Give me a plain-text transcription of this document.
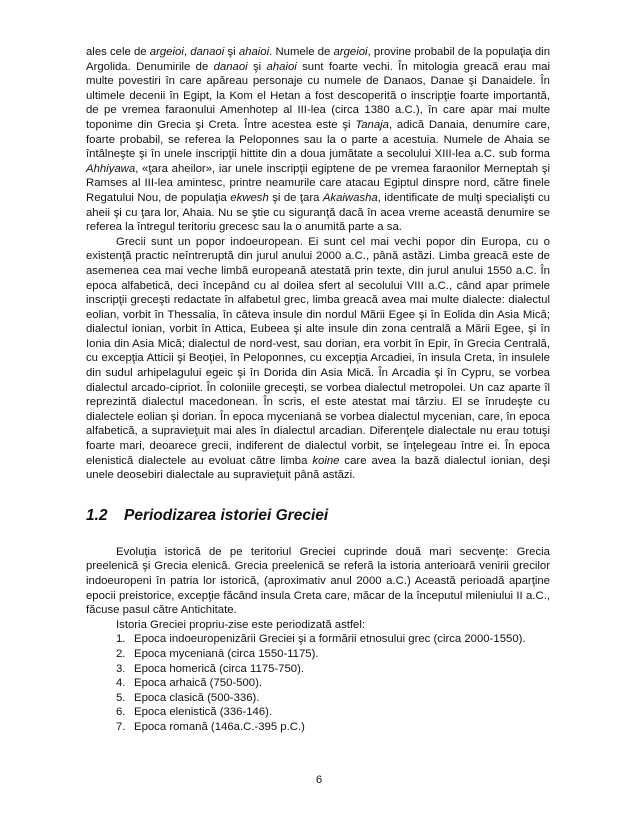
ales cele de argeioi, danaoi şi ahaioi. Numele de argeioi, provine probabil de la populaţia din Argolida. Denumirile de danaoi şi ahaioi sunt foarte vechi. În mitologia greacă erau mai multe povestiri în care apăreau personaje cu numele de Danaos, Danae şi Danaidele. În ultimele decenii în Egipt, la Kom el Hetan a fost descoperită o inscripţie foarte importantă, de pe vremea faraonului Amenhotep al III-lea (circa 1380 a.C.), în care apar mai multe toponime din Grecia şi Creta. Între acestea este şi Tanaja, adică Danaia, denumire care, foarte probabil, se referea la Peloponnes sau la o parte a acestuia. Numele de Ahaia se întâlneşte şi în unele inscripţii hittite din a doua jumătate a secolului XIII-lea a.C. sub forma Ahhiyawa, «ţara aheilor», iar unele inscripţii egiptene de pe vremea faraonilor Merneptah şi Ramses al III-lea amintesc, printre neamurile care atacau Egiptul dinspre nord, către finele Regatului Nou, de populaţia ekwesh şi de ţara Akaiwasha, identificate de mulţi specialişti cu aheii şi cu ţara lor, Ahaia. Nu se ştie cu siguranţă dacă în acea vreme această denumire se referea la întregul teritoriu grecesc sau la o anumită parte a sa.

Grecii sunt un popor indoeuropean. Ei sunt cel mai vechi popor din Europa, cu o existenţă practic neîntreruptă din jurul anului 2000 a.C., până astăzi. Limba greacă este de asemenea cea mai veche limbă europeană atestată prin texte, din jurul anului 1550 a.C. În epoca alfabetică, deci începând cu al doilea sfert al secolului VIII a.C., când apar primele inscripţii greceşti redactate în alfabetul grec, limba greacă avea mai multe dialecte: dialectul eolian, vorbit în Thessalia, în câteva insule din nordul Mării Egee şi în Eolida din Asia Mică; dialectul ionian, vorbit în Attica, Eubeea şi alte insule din zona centrală a Mării Egee, şi în Ionia din Asia Mică; dialectul de nord-vest, sau dorian, era vorbit în Epir, în Grecia Centrală, cu excepţia Atticii şi Beoţiei, în Peloponnes, cu excepţia Arcadiei, în insula Creta, în insulele din sudul arhipelagului egeic şi în Dorida din Asia Mică. În Arcadia şi în Cypru, se vorbea dialectul arcado-cipriot. În coloniile greceşti, se vorbea dialectul metropolei. Un caz aparte îl reprezintă dialectul macedonean. În scris, el este atestat mai târziu. El se înrudeşte cu dialectele eolian şi dorian. În epoca mycenianā se vorbea dialectul mycenian, care, în epoca alfabetică, a supravieţuit mai ales în dialectul arcadian. Diferenţele dialectale nu erau totuşi foarte mari, deoarece grecii, indiferent de dialectul vorbit, se înţelegeau între ei. În epoca elenistică dialectele au evoluat către limba koine care avea la bază dialectul ionian, deşi unele deosebiri dialectale au supravieţuit până astăzi.

1.2	Periodizarea istoriei Greciei

Evoluţia istorică de pe teritoriul Greciei cuprinde două mari secvenţe: Grecia preelenică şi Grecia elenică. Grecia preelenică se referă la istoria anterioară venirii grecilor indoeuropeni în patria lor istorică, (aproximativ anul 2000 a.C.) Această perioadă aparţine epocii preistorice, excepţie făcând insula Creta care, măcar de la începutul mileniului II a.C., făcuse pasul către Antichitate.

Istoria Greciei propriu-zise este periodizată astfel:

1. Epoca indoeuropenizării Greciei şi a formării etnosului grec (circa 2000-1550).
2. Epoca mycenianā (circa 1550-1175).
3. Epoca homerică (circa 1175-750).
4. Epoca arhaică (750-500).
5. Epoca clasică (500-336).
6. Epoca elenistică (336-146).
7. Epoca romană (146a.C.-395 p.C.)
6
